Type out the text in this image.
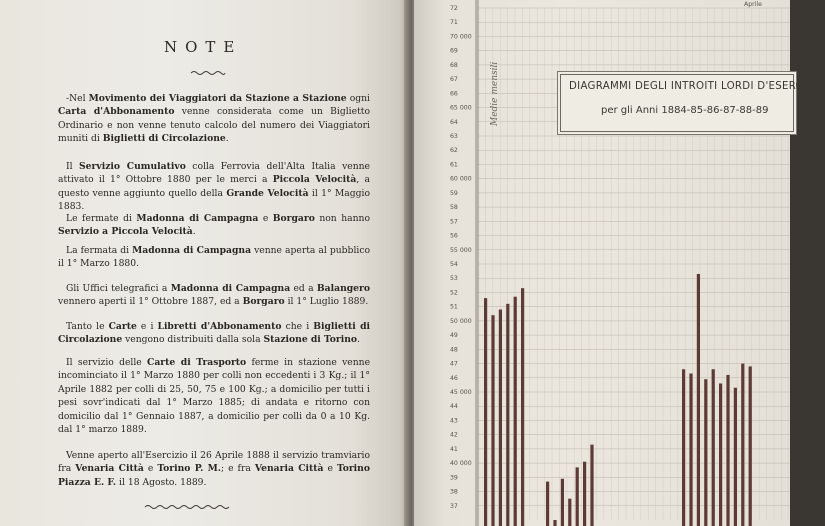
NOTE
-Nel Movimento dei Viaggiatori da Stazione a Stazione ogni Carta d'Abbonamento venne considerata come un Biglietto Ordinario e non venne tenuto calcolo del numero dei Viaggiatori muniti di Biglietti di Circolazione.
Il Servizio Cumulativo colla Ferrovia dell'Alta Italia venne attivato il 1° Ottobre 1880 per le merci a Piccola Velocità, a questo venne aggiunto quello della Grande Velocità il 1° Maggio 1883.
Le fermate di Madonna di Campagna e Borgaro non hanno Servizio a Piccola Velocità.
La fermata di Madonna di Campagna venne aperta al pubblico il 1° Marzo 1880.
Gli Uffici telegrafici a Madonna di Campagna ed a Balangero vennero aperti il 1° Ottobre 1887, ed a Borgaro il 1° Luglio 1889.
Tanto le Carte e i Libretti d'Abbonamento che i Biglietti di Circolazione vengono distribuiti dalla sola Stazione di Torino.
Il servizio delle Carte di Trasporto ferme in stazione venne incominciato il 1° Marzo 1880 per colli non eccedenti i 3 Kg.; il 1° Aprile 1882 per colli di 25, 50, 75 e 100 Kg.; a domicilio per tutti i pesi sovr'indicati dal 1° Marzo 1885; di andata e ritorno con domicilio dal 1° Gennaio 1887, a domicilio per colli da 0 a 10 Kg. dal 1° marzo 1889.
Venne aperto all'Esercizio il 26 Aprile 1888 il servizio tramviario fra Venaria Città e Torino P. M.; e fra Venaria Città e Torino Piazza E. F. il 18 Agosto. 1889.
72
71
70 000
69
68
67
66
65 000
64
63
62
61
60 000
59
58
57
56
55 000
54
53
52
51
50 000
49
48
47
46
45 000
44
43
42
41
40 000
39
38
37
Aprile
Medie mensili	DIAGRAMMI DEGLI INTROITI LORDI D'ESERCIZIO
per gli Anni 1884-85-86-87-88-89
